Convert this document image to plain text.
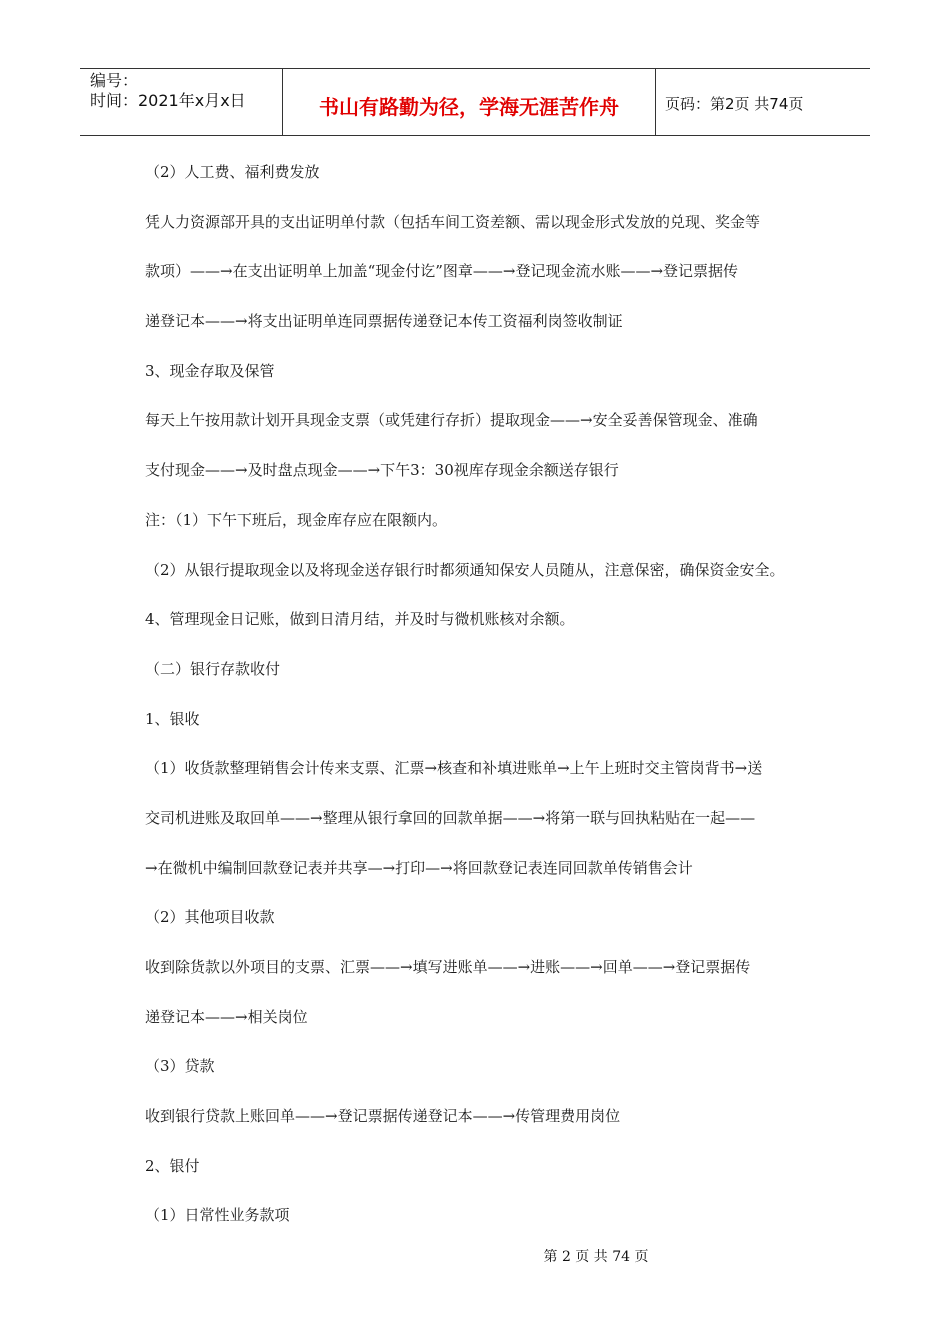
编号：
时间：2021年x月x日	书山有路勤为径，学海无涯苦作舟	页码：第2页 共74页

（2）人工费、福利费发放

凭人力资源部开具的支出证明单付款（包括车间工资差额、需以现金形式发放的兑现、奖金等

款项）——→在支出证明单上加盖“现金付讫”图章——→登记现金流水账——→登记票据传

递登记本——→将支出证明单连同票据传递登记本传工资福利岗签收制证

3、现金存取及保管

每天上午按用款计划开具现金支票（或凭建行存折）提取现金——→安全妥善保管现金、准确

支付现金——→及时盘点现金——→下午3：30视库存现金余额送存银行

注：（1）下午下班后，现金库存应在限额内。

（2）从银行提取现金以及将现金送存银行时都须通知保安人员随从，注意保密，确保资金安全。

4、管理现金日记账，做到日清月结，并及时与微机账核对余额。

（二）银行存款收付

1、银收

（1）收货款整理销售会计传来支票、汇票→核查和补填进账单→上午上班时交主管岗背书→送

交司机进账及取回单——→整理从银行拿回的回款单据——→将第一联与回执粘贴在一起——

→在微机中编制回款登记表并共享—→打印—→将回款登记表连同回款单传销售会计

（2）其他项目收款

收到除货款以外项目的支票、汇票——→填写进账单——→进账——→回单——→登记票据传

递登记本——→相关岗位

（3）贷款

收到银行贷款上账回单——→登记票据传递登记本——→传管理费用岗位

2、银付

（1）日常性业务款项

第 2 页 共 74 页
